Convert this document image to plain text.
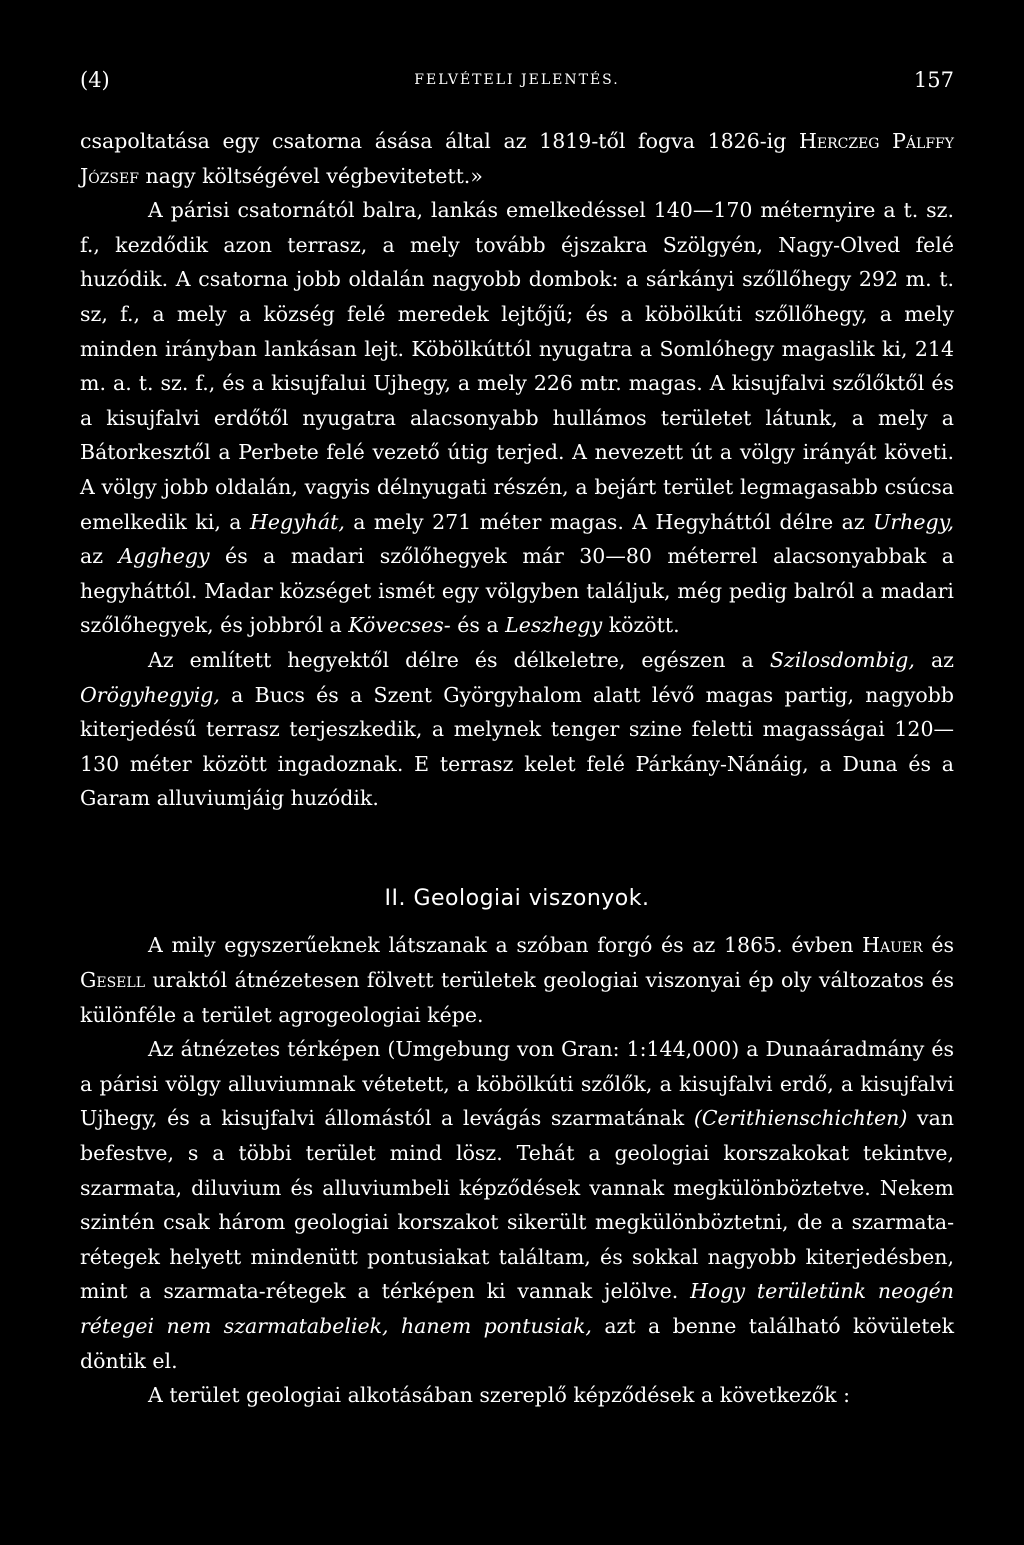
(4)	FELVÉTELI JELENTÉS.	157

csapoltatása egy csatorna ásása által az 1819-től fogva 1826-ig Herczeg Pálffy József nagy költségével végbevitetett.»

A párisi csatornától balra, lankás emelkedéssel 140—170 méternyire a t. sz. f., kezdődik azon terrasz, a mely tovább éjszakra Szölgyén, Nagy-Olved felé huzódik. A csatorna jobb oldalán nagyobb dombok: a sárkányi szőllőhegy 292 m. t. sz, f., a mely a község felé meredek lejtőjű; és a köbölkúti szőllőhegy, a mely minden irányban lankásan lejt. Köbölkúttól nyugatra a Somlóhegy magaslik ki, 214 m. a. t. sz. f., és a kisujfalui Ujhegy, a mely 226 mtr. magas. A kisujfalvi szőlőktől és a kisujfalvi erdőtől nyugatra alacsonyabb hullámos területet látunk, a mely a Bátorkesztől a Perbete felé vezető útig terjed. A nevezett út a völgy irányát követi. A völgy jobb oldalán, vagyis délnyugati részén, a bejárt terület legmagasabb csúcsa emelkedik ki, a Hegyhát, a mely 271 méter magas. A Hegyháttól délre az Urhegy, az Agghegy és a madari szőlőhegyek már 30—80 méterrel alacsonyabbak a hegyháttól. Madar községet ismét egy völgyben találjuk, még pedig balról a madari szőlőhegyek, és jobbról a Kövecses- és a Leszhegy között.

Az említett hegyektől délre és délkeletre, egészen a Szilosdombig, az Orögyhegyig, a Bucs és a Szent Györgyhalom alatt lévő magas partig, nagyobb kiterjedésű terrasz terjeszkedik, a melynek tenger szine feletti magasságai 120—130 méter között ingadoznak. E terrasz kelet felé Párkány-Nánáig, a Duna és a Garam alluviumjáig huzódik.

II. Geologiai viszonyok.

A mily egyszerűeknek látszanak a szóban forgó és az 1865. évben Hauer és Gesell uraktól átnézetesen fölvett területek geologiai viszonyai ép oly változatos és különféle a terület agrogeologiai képe.

Az átnézetes térképen (Umgebung von Gran: 1:144,000) a Dunaáradmány és a párisi völgy alluviumnak vétetett, a köbölkúti szőlők, a kisujfalvi erdő, a kisujfalvi Ujhegy, és a kisujfalvi állomástól a levágás szarmatának (Cerithienschichten) van befestve, s a többi terület mind lösz. Tehát a geologiai korszakokat tekintve, szarmata, diluvium és alluviumbeli képződések vannak megkülönböztetve. Nekem szintén csak három geologiai korszakot sikerült megkülönböztetni, de a szarmata-rétegek helyett mindenütt pontusiakat találtam, és sokkal nagyobb kiterjedésben, mint a szarmata-rétegek a térképen ki vannak jelölve. Hogy területünk neogén rétegei nem szarmatabeliek, hanem pontusiak, azt a benne található kövületek döntik el.

A terület geologiai alkotásában szereplő képződések a következők :
